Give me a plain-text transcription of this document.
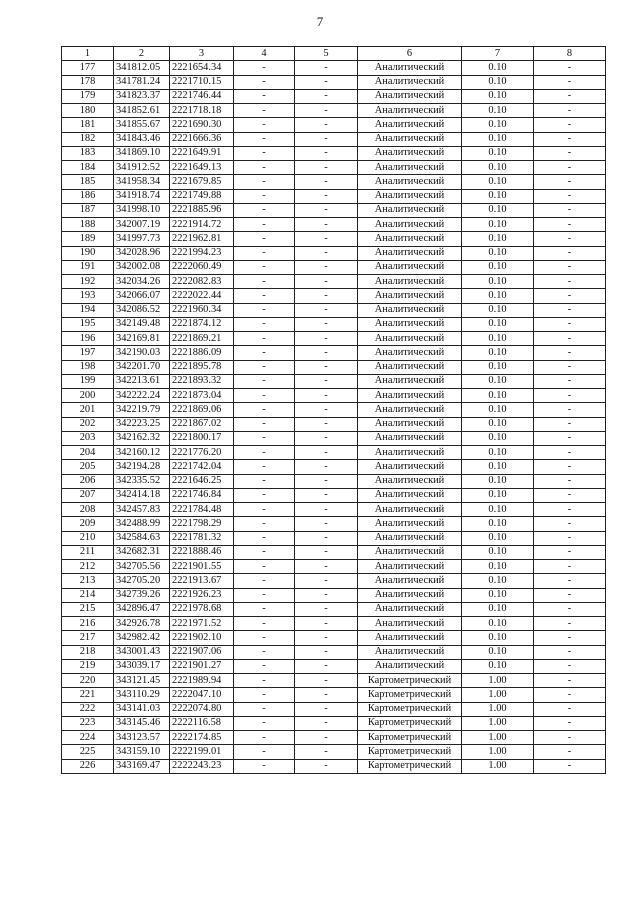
7
1	2	3	4	5	6	7	8
177	341812.05	2221654.34	-	-	Аналитический	0.10	-
178	341781.24	2221710.15	-	-	Аналитический	0.10	-
179	341823.37	2221746.44	-	-	Аналитический	0.10	-
180	341852.61	2221718.18	-	-	Аналитический	0.10	-
181	341855.67	2221690.30	-	-	Аналитический	0.10	-
182	341843.46	2221666.36	-	-	Аналитический	0.10	-
183	341869.10	2221649.91	-	-	Аналитический	0.10	-
184	341912.52	2221649.13	-	-	Аналитический	0.10	-
185	341958.34	2221679.85	-	-	Аналитический	0.10	-
186	341918.74	2221749.88	-	-	Аналитический	0.10	-
187	341998.10	2221885.96	-	-	Аналитический	0.10	-
188	342007.19	2221914.72	-	-	Аналитический	0.10	-
189	341997.73	2221962.81	-	-	Аналитический	0.10	-
190	342028.96	2221994.23	-	-	Аналитический	0.10	-
191	342002.08	2222060.49	-	-	Аналитический	0.10	-
192	342034.26	2222082.83	-	-	Аналитический	0.10	-
193	342066.07	2222022.44	-	-	Аналитический	0.10	-
194	342086.52	2221960.34	-	-	Аналитический	0.10	-
195	342149.48	2221874.12	-	-	Аналитический	0.10	-
196	342169.81	2221869.21	-	-	Аналитический	0.10	-
197	342190.03	2221886.09	-	-	Аналитический	0.10	-
198	342201.70	2221895.78	-	-	Аналитический	0.10	-
199	342213.61	2221893.32	-	-	Аналитический	0.10	-
200	342222.24	2221873.04	-	-	Аналитический	0.10	-
201	342219.79	2221869.06	-	-	Аналитический	0.10	-
202	342223.25	2221867.02	-	-	Аналитический	0.10	-
203	342162.32	2221800.17	-	-	Аналитический	0.10	-
204	342160.12	2221776.20	-	-	Аналитический	0.10	-
205	342194.28	2221742.04	-	-	Аналитический	0.10	-
206	342335.52	2221646.25	-	-	Аналитический	0.10	-
207	342414.18	2221746.84	-	-	Аналитический	0.10	-
208	342457.83	2221784.48	-	-	Аналитический	0.10	-
209	342488.99	2221798.29	-	-	Аналитический	0.10	-
210	342584.63	2221781.32	-	-	Аналитический	0.10	-
211	342682.31	2221888.46	-	-	Аналитический	0.10	-
212	342705.56	2221901.55	-	-	Аналитический	0.10	-
213	342705.20	2221913.67	-	-	Аналитический	0.10	-
214	342739.26	2221926.23	-	-	Аналитический	0.10	-
215	342896.47	2221978.68	-	-	Аналитический	0.10	-
216	342926.78	2221971.52	-	-	Аналитический	0.10	-
217	342982.42	2221902.10	-	-	Аналитический	0.10	-
218	343001.43	2221907.06	-	-	Аналитический	0.10	-
219	343039.17	2221901.27	-	-	Аналитический	0.10	-
220	343121.45	2221989.94	-	-	Картометрический	1.00	-
221	343110.29	2222047.10	-	-	Картометрический	1.00	-
222	343141.03	2222074.80	-	-	Картометрический	1.00	-
223	343145.46	2222116.58	-	-	Картометрический	1.00	-
224	343123.57	2222174.85	-	-	Картометрический	1.00	-
225	343159.10	2222199.01	-	-	Картометрический	1.00	-
226	343169.47	2222243.23	-	-	Картометрический	1.00	-
